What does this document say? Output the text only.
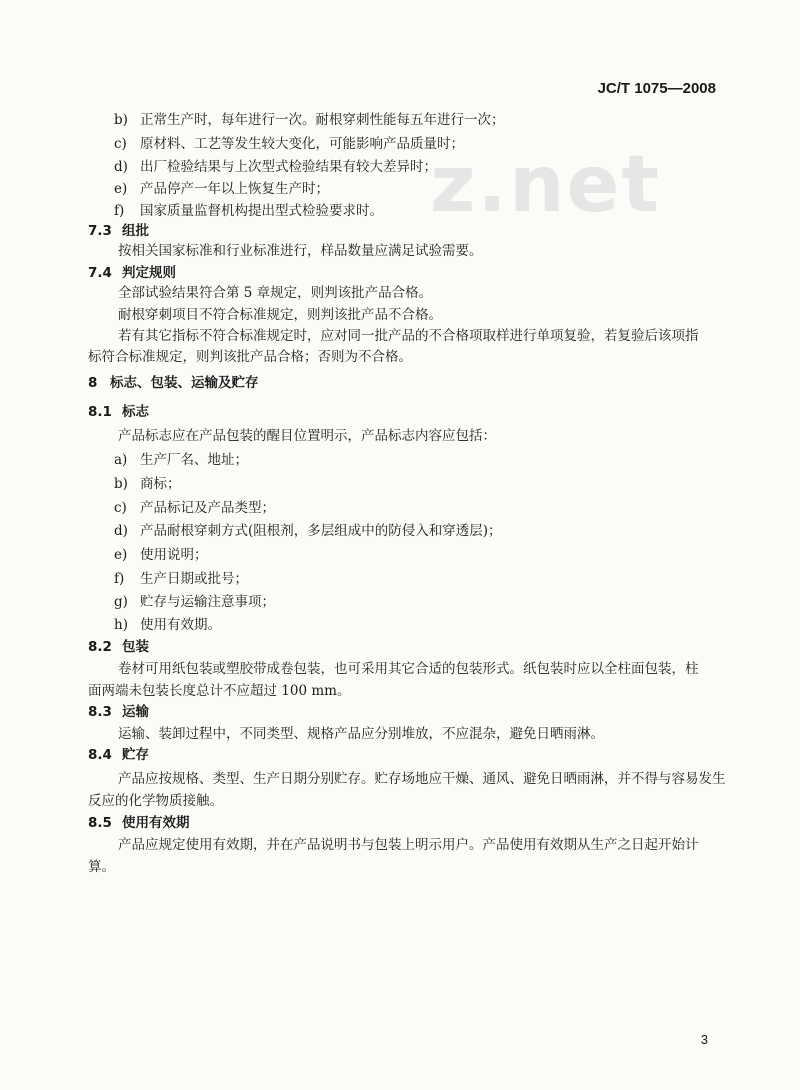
z.net
JC/T 1075—2008
b) 正常生产时，每年进行一次。耐根穿刺性能每五年进行一次；
c) 原材料、工艺等发生较大变化，可能影响产品质量时；
d) 出厂检验结果与上次型式检验结果有较大差异时；
e) 产品停产一年以上恢复生产时；
f) 国家质量监督机构提出型式检验要求时。
7.3 组批
按相关国家标准和行业标准进行，样品数量应满足试验需要。
7.4 判定规则
全部试验结果符合第 5 章规定，则判该批产品合格。
耐根穿刺项目不符合标准规定，则判该批产品不合格。
若有其它指标不符合标准规定时，应对同一批产品的不合格项取样进行单项复验，若复验后该项指
标符合标准规定，则判该批产品合格；否则为不合格。
8 标志、包装、运输及贮存
8.1 标志
产品标志应在产品包装的醒目位置明示，产品标志内容应包括：
a) 生产厂名、地址；
b) 商标；
c) 产品标记及产品类型；
d) 产品耐根穿刺方式(阻根剂，多层组成中的防侵入和穿透层)；
e) 使用说明；
f) 生产日期或批号；
g) 贮存与运输注意事项；
h) 使用有效期。
8.2 包装
卷材可用纸包装或塑胶带成卷包装，也可采用其它合适的包装形式。纸包装时应以全柱面包装，柱
面两端未包装长度总计不应超过 100 mm。
8.3 运输
运输、装卸过程中，不同类型、规格产品应分别堆放，不应混杂，避免日晒雨淋。
8.4 贮存
产品应按规格、类型、生产日期分别贮存。贮存场地应干燥、通风、避免日晒雨淋，并不得与容易发生
反应的化学物质接触。
8.5 使用有效期
产品应规定使用有效期，并在产品说明书与包装上明示用户。产品使用有效期从生产之日起开始计
算。
3
